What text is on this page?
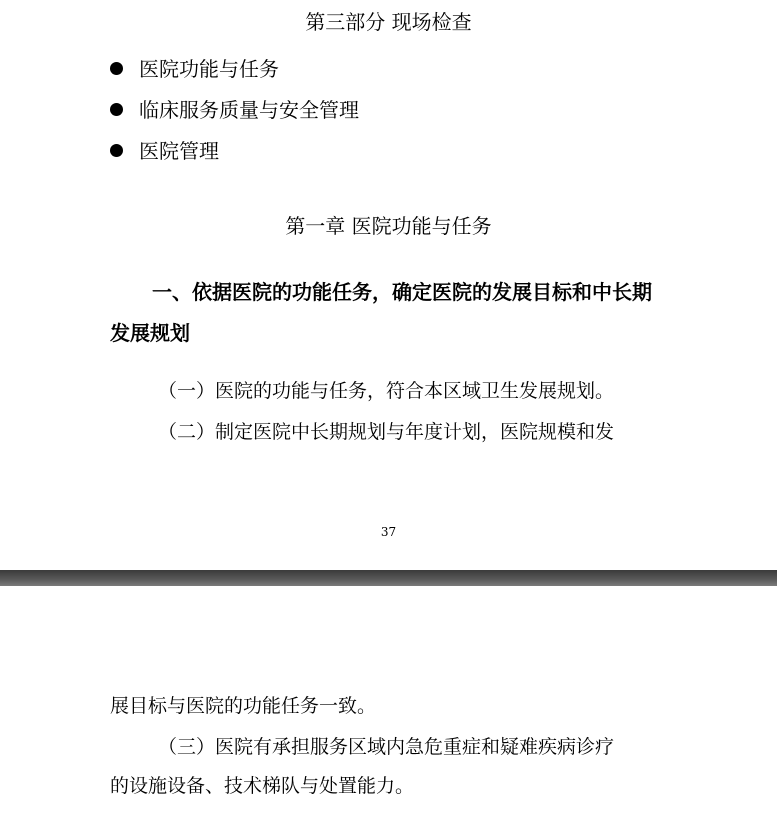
第三部分 现场检查
医院功能与任务
临床服务质量与安全管理
医院管理
第一章 医院功能与任务
一、依据医院的功能任务，确定医院的发展目标和中长期发展规划
（一）医院的功能与任务，符合本区域卫生发展规划。
（二）制定医院中长期规划与年度计划，医院规模和发
37
展目标与医院的功能任务一致。
（三）医院有承担服务区域内急危重症和疑难疾病诊疗
的设施设备、技术梯队与处置能力。
